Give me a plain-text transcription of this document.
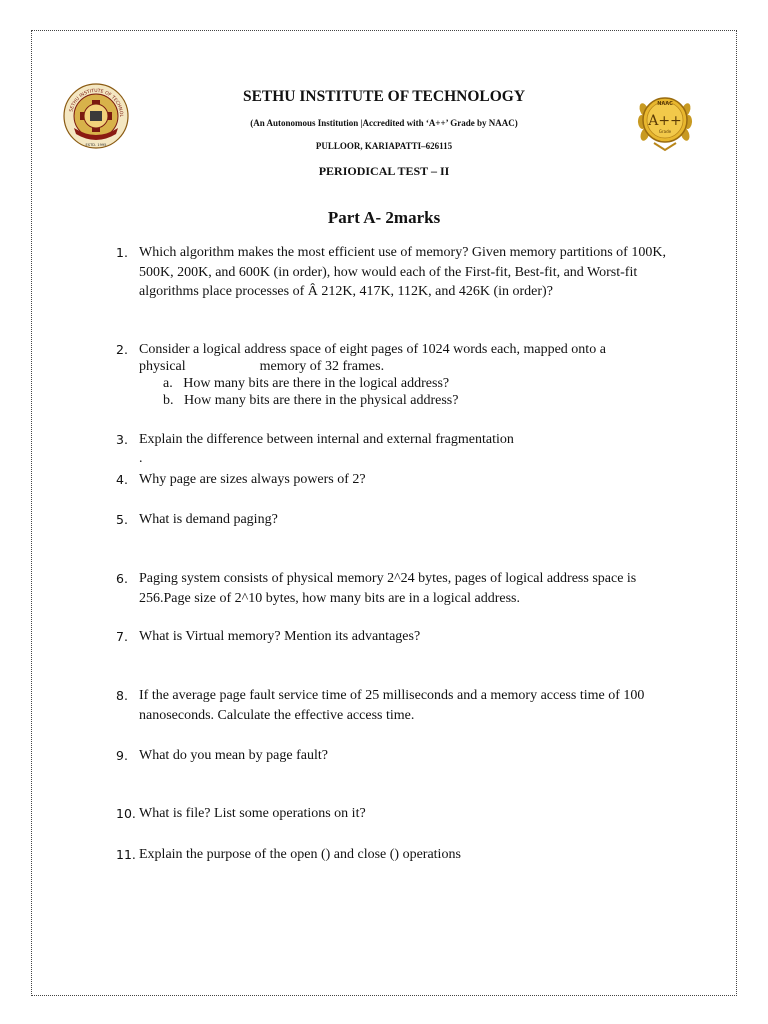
SETHU INSTITUTE OF TECHNOL
ESTD. 1995
NAAC
A++
Grade
SETHU INSTITUTE OF TECHNOLOGY
(An Autonomous Institution |Accredited with ‘A++’ Grade by NAAC)
PULLOOR, KARIAPATTI–626115
PERIODICAL TEST – II
Part A- 2marks
1. Which algorithm makes the most efficient use of memory? Given memory partitions of 100K, 500K, 200K, and 600K (in order), how would each of the First-fit, Best-fit, and Worst-fit algorithms place processes of Â 212K, 417K, 112K, and 426K (in order)?
2. Consider a logical address space of eight pages of 1024 words each, mapped onto a
physical	memory of 32 frames.
a. How many bits are there in the logical address?
b. How many bits are there in the physical address?
3. Explain the difference between internal and external fragmentation
.
4. Why page are sizes always powers of 2?
5. What is demand paging?
6. Paging system consists of physical memory 2^24 bytes, pages of logical address space is 256.Page size of 2^10 bytes, how many bits are in a logical address.
7. What is Virtual memory? Mention its advantages?
8. If the average page fault service time of 25 milliseconds and a memory access time of 100 nanoseconds. Calculate the effective access time.
9. What do you mean by page fault?
10. What is file? List some operations on it?
11. Explain the purpose of the open () and close () operations
